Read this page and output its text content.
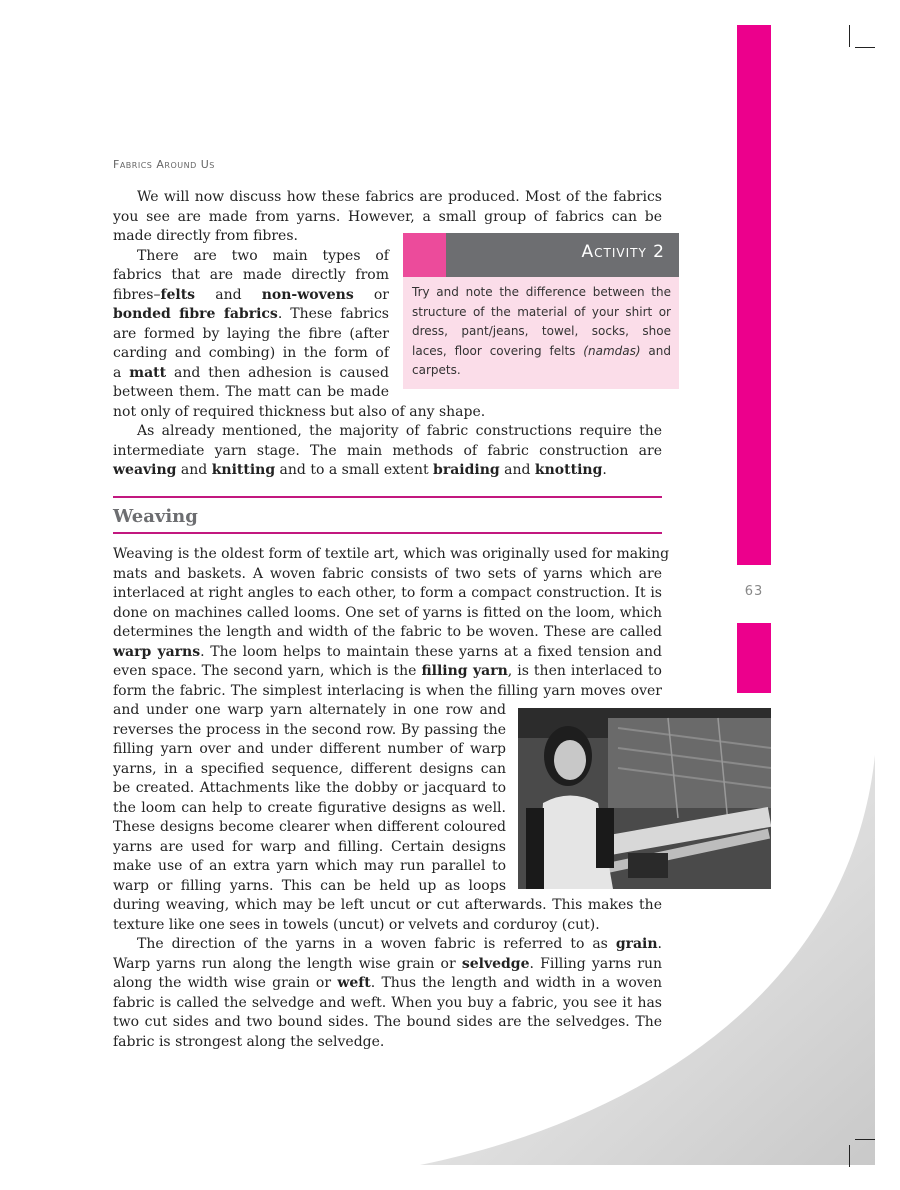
63
Fabrics Around Us
We will now discuss how these fabrics are produced. Most of the fabrics
you see are made from yarns. However, a small group of fabrics can be
made directly from fibres.
There are two main types of
fabrics that are made directly from
fibres–felts and non-wovens or
bonded fibre fabrics. These fabrics
are formed by laying the fibre (after
carding and combing) in the form of
a matt and then adhesion is caused
between them. The matt can be made
Activity 2
Try and note the difference between the
structure of the material of your shirt or
dress, pant/jeans, towel, socks, shoe
laces, floor covering felts (namdas) and
carpets.
not only of required thickness but also of any shape.
As already mentioned, the majority of fabric constructions require the
intermediate yarn stage. The main methods of fabric construction are
weaving and knitting and to a small extent braiding and knotting.
Weaving
Weaving is the oldest form of textile art, which was originally used for making
mats and baskets. A woven fabric consists of two sets of yarns which are
interlaced at right angles to each other, to form a compact construction. It is
done on machines called looms. One set of yarns is fitted on the loom, which
determines the length and width of the fabric to be woven. These are called
warp yarns. The loom helps to maintain these yarns at a fixed tension and
even space. The second yarn, which is the filling yarn, is then interlaced to
form the fabric. The simplest interlacing is when the filling yarn moves over
and under one warp yarn alternately in one row and
reverses the process in the second row. By passing the
filling yarn over and under different number of warp
yarns, in a specified sequence, different designs can
be created. Attachments like the dobby or jacquard to
the loom can help to create figurative designs as well.
These designs become clearer when different coloured
yarns are used for warp and filling. Certain designs
make use of an extra yarn which may run parallel to
warp or filling yarns. This can be held up as loops
during weaving, which may be left uncut or cut afterwards. This makes the
texture like one sees in towels (uncut) or velvets and corduroy (cut).
The direction of the yarns in a woven fabric is referred to as grain.
Warp yarns run along the length wise grain or selvedge. Filling yarns run
along the width wise grain or weft. Thus the length and width in a woven
fabric is called the selvedge and weft. When you buy a fabric, you see it has
two cut sides and two bound sides. The bound sides are the selvedges. The
fabric is strongest along the selvedge.
